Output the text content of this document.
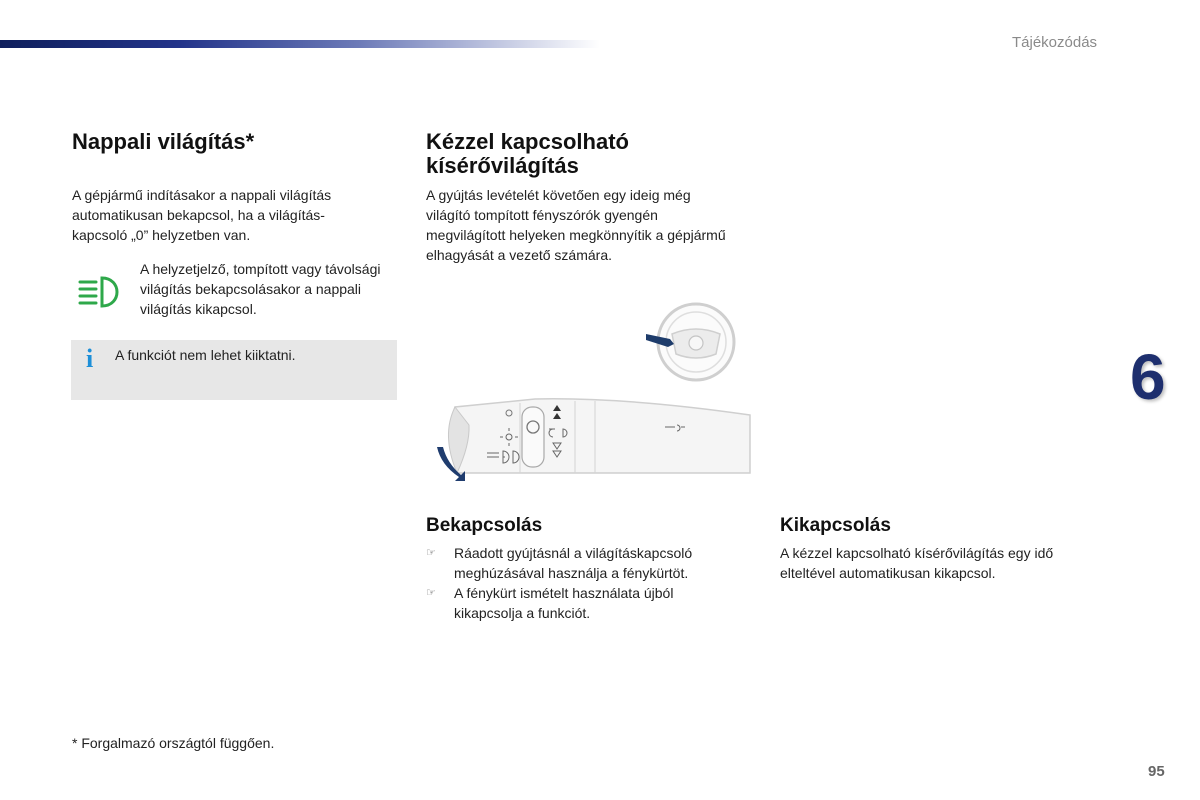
Tájékozódás
Nappali világítás*

A gépjármű indításakor a nappali világítás automatikusan bekapcsol, ha a világítás-kapcsoló „0” helyzetben van.

A helyzetjelző, tompított vagy távolsági világítás bekapcsolásakor a nappali világítás kikapcsol.

i A funkciót nem lehet kiiktatni.

Kézzel kapcsolható
kísérővilágítás

A gyújtás levételét követően egy ideig még világító tompított fényszórók gyengén megvilágított helyeken megkönnyítik a gépjármű elhagyását a vezető számára.

Bekapcsolás
☞ Ráadott gyújtásnál a világításkapcsoló meghúzásával használja a fénykürtöt.
☞ A fénykürt ismételt használata újból kikapcsolja a funkciót.
Kikapcsolás

A kézzel kapcsolható kísérővilágítás egy idő elteltével automatikusan kikapcsol.

6
* Forgalmazó országtól függően.
95
